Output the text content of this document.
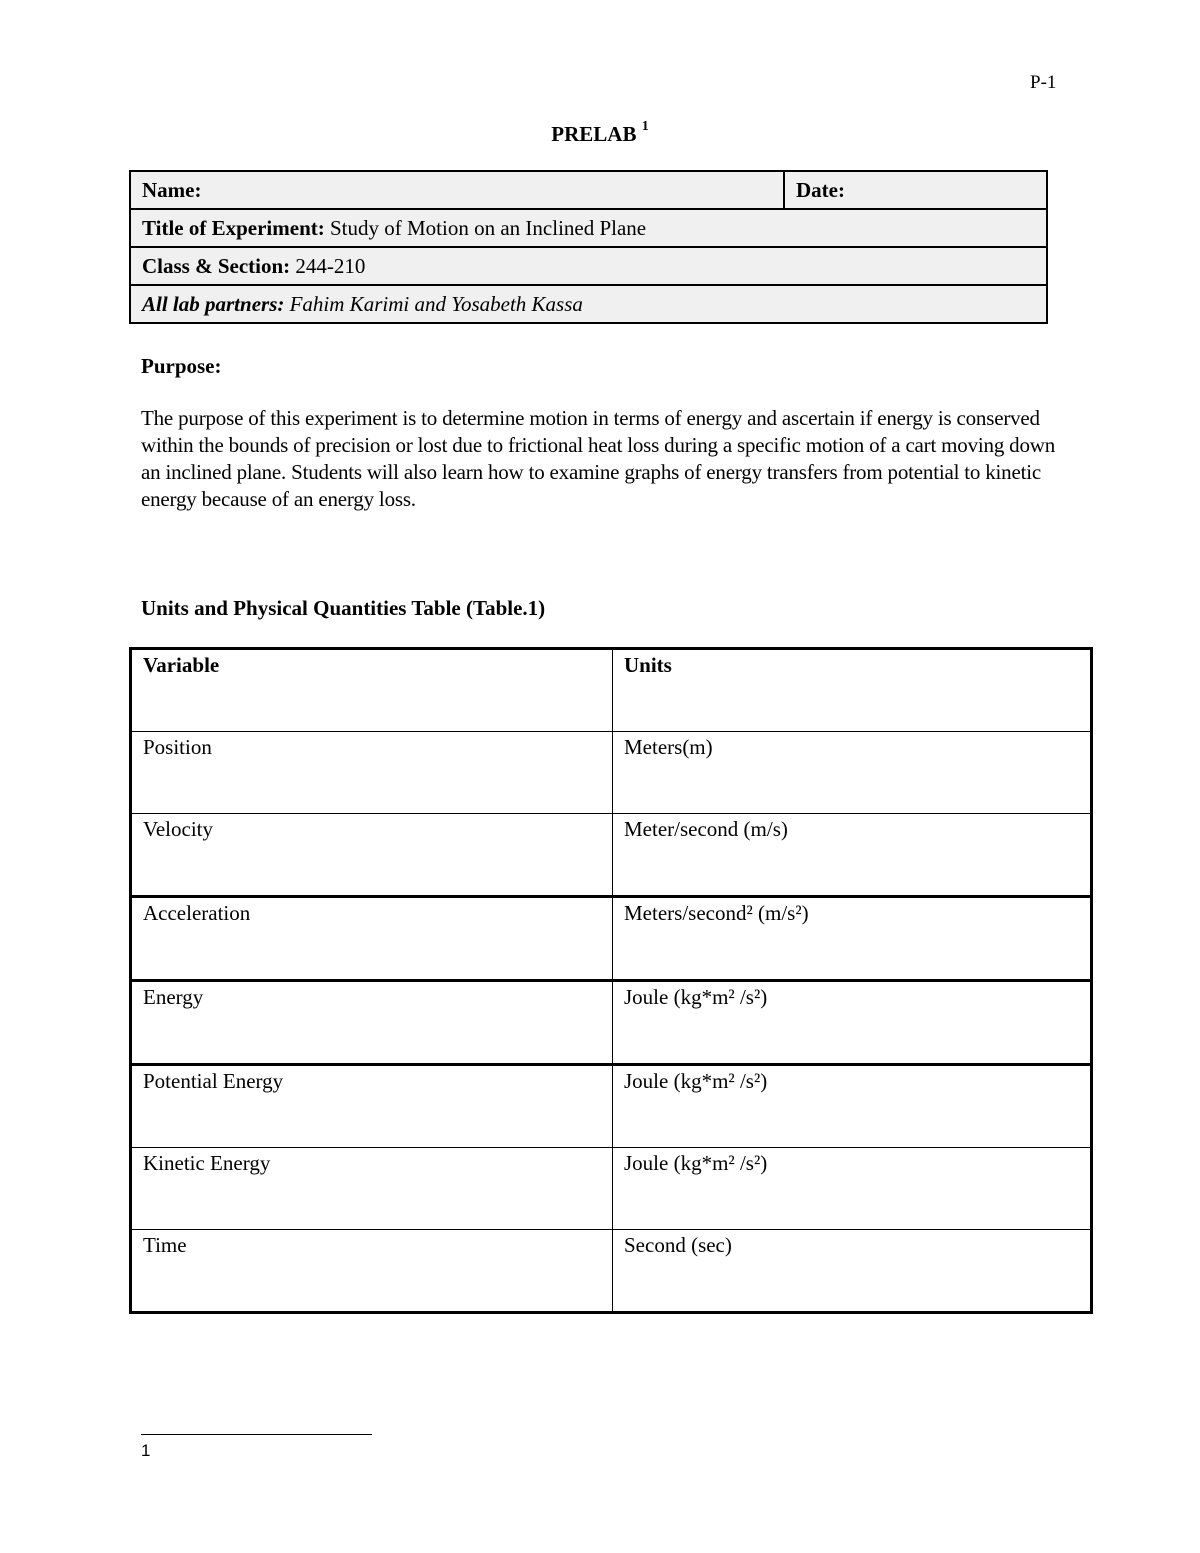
P-1
PRELAB $^1$
Name:	Date:
Title of Experiment: Study of Motion on an Inclined Plane
Class & Section: 244-210
All lab partners: Fahim Karimi and Yosabeth Kassa
Purpose:
The purpose of this experiment is to determine motion in terms of energy and ascertain if energy is conserved within the bounds of precision or lost due to frictional heat loss during a specific motion of a cart moving down an inclined plane. Students will also learn how to examine graphs of energy transfers from potential to kinetic energy because of an energy loss.
Units and Physical Quantities Table (Table.1)
Variable	Units
Position	Meters(m)
Velocity	Meter/second (m/s)
Acceleration	Meters/second² (m/s²)
Energy	Joule (kg*m² /s²)
Potential Energy	Joule (kg*m² /s²)
Kinetic Energy	Joule (kg*m² /s²)
Time	Second (sec)
1
